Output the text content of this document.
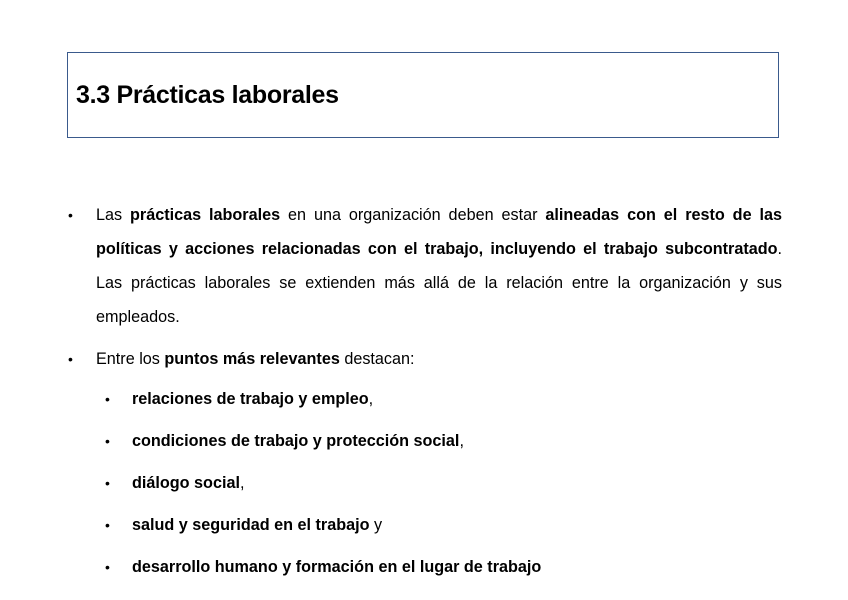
3.3 Prácticas laborales
• Las prácticas laborales en una organización deben estar alineadas con el resto de las políticas y acciones relacionadas con el trabajo, incluyendo el trabajo subcontratado. Las prácticas laborales se extienden más allá de la relación entre la organización y sus empleados.
• Entre los puntos más relevantes destacan:
• relaciones de trabajo y empleo,
• condiciones de trabajo y protección social,
• diálogo social,
• salud y seguridad en el trabajo y
• desarrollo humano y formación en el lugar de trabajo
